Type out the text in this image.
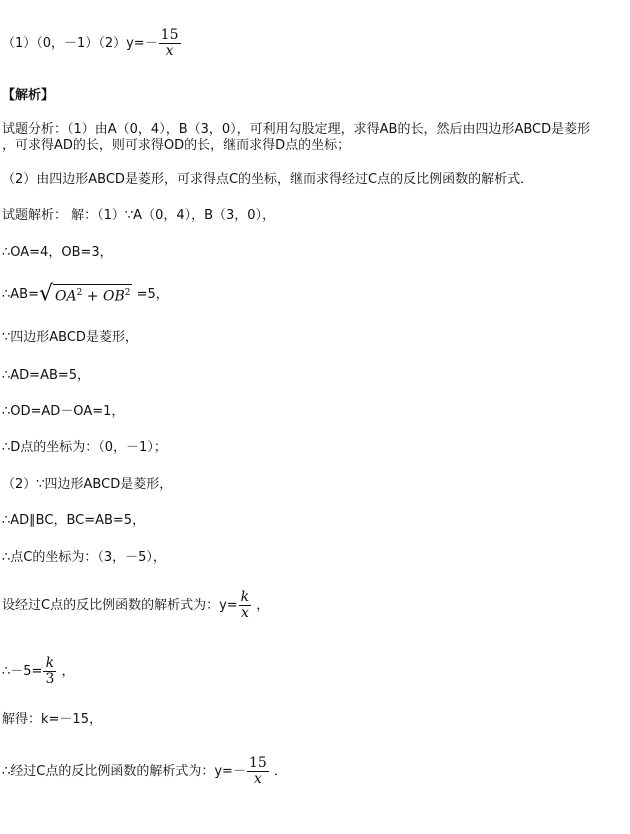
（1）（0，$-1)(2)y=- \frac{15}{x}$
【解析】
试题分析：（1）由A（0，4），B（3，0），可利用勾股定理，求得AB的长，然后由四边形ABCD是菱形
，可求得AD的长，则可求得OD的长，继而求得D点的坐标；
（2）由四边形ABCD是菱形，可求得点C的坐标，继而求得经过C点的反比例函数的解析式．
试题解析： 解：（1）∵A（0，4），B（3，0），
∴OA=4，OB=3，
∴AB=√ $OA^2 + OB^2 =5$，
∵四边形ABCD是菱形，
∴AD=AB=5，
∴OD=AD－OA=1，
∴D点的坐标为：（0，－1）；
（2）∵四边形ABCD是菱形，
∴AD∥BC，BC=AB=5，
∴点C的坐标为：（3，－5），
设经过C点的反比例函数的解析式为：$y= \frac{k}{x}$ ，
∴－5= $\frac{k}{3}$ ，
解得：k=－15，
∴经过C点的反比例函数的解析式为：$y=- \frac{15}{x}$ ．
